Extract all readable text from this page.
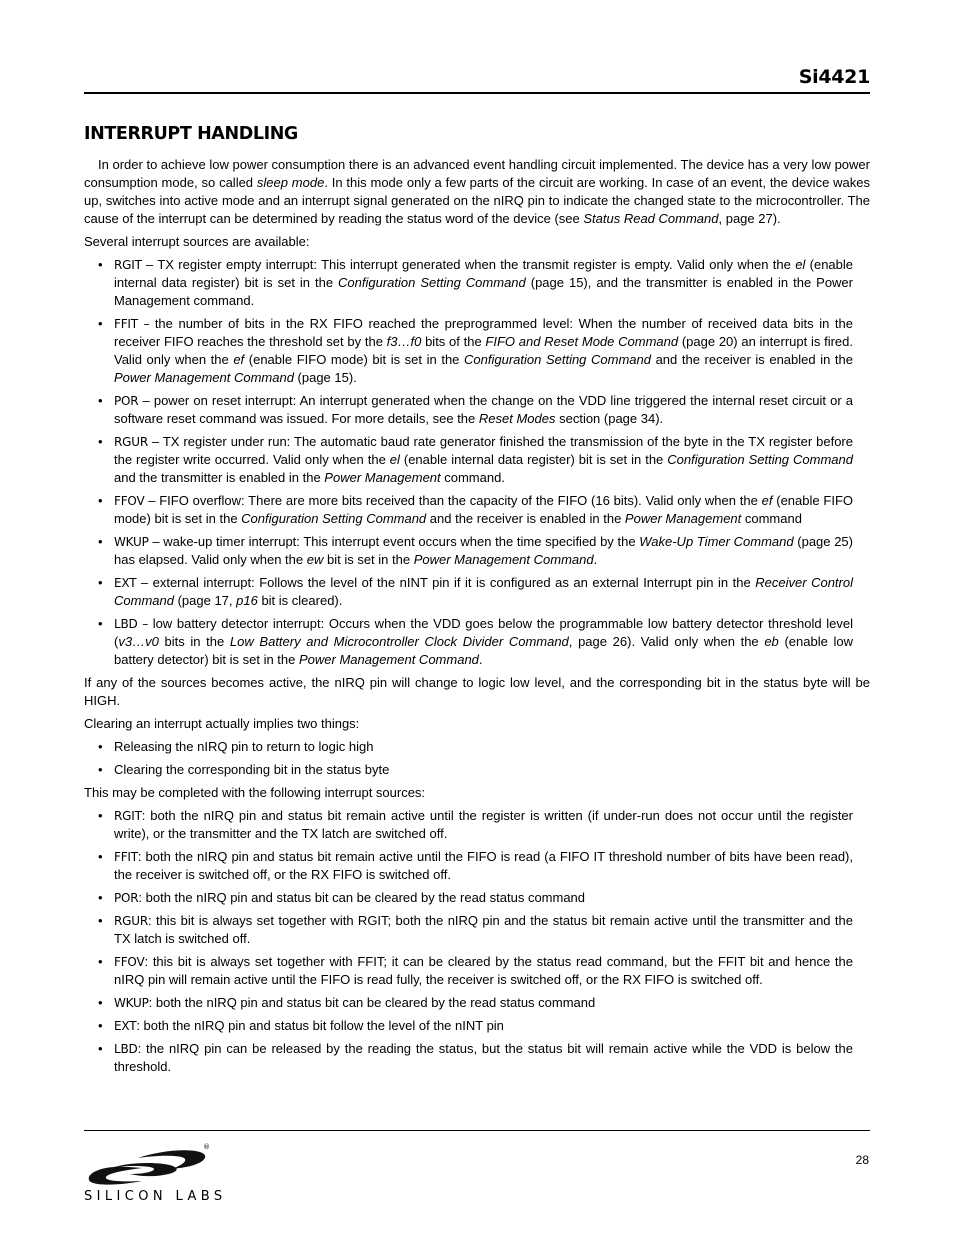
Si4421
INTERRUPT HANDLING

In order to achieve low power consumption there is an advanced event handling circuit implemented. The device has a very low power consumption mode, so called sleep mode. In this mode only a few parts of the circuit are working. In case of an event, the device wakes up, switches into active mode and an interrupt signal generated on the nIRQ pin to indicate the changed state to the microcontroller. The cause of the interrupt can be determined by reading the status word of the device (see Status Read Command, page 27).

Several interrupt sources are available:

• RGIT – TX register empty interrupt: This interrupt generated when the transmit register is empty. Valid only when the el (enable internal data register) bit is set in the Configuration Setting Command (page 15), and the transmitter is enabled in the Power Management command.
• FFIT – the number of bits in the RX FIFO reached the preprogrammed level: When the number of received data bits in the receiver FIFO reaches the threshold set by the f3…f0 bits of the FIFO and Reset Mode Command (page 20) an interrupt is fired. Valid only when the ef (enable FIFO mode) bit is set in the Configuration Setting Command and the receiver is enabled in the Power Management Command (page 15).
• POR – power on reset interrupt: An interrupt generated when the change on the VDD line triggered the internal reset circuit or a software reset command was issued. For more details, see the Reset Modes section (page 34).
• RGUR – TX register under run: The automatic baud rate generator finished the transmission of the byte in the TX register before the register write occurred. Valid only when the el (enable internal data register) bit is set in the Configuration Setting Command and the transmitter is enabled in the Power Management command.
• FFOV – FIFO overflow: There are more bits received than the capacity of the FIFO (16 bits). Valid only when the ef (enable FIFO mode) bit is set in the Configuration Setting Command and the receiver is enabled in the Power Management command
• WKUP – wake-up timer interrupt: This interrupt event occurs when the time specified by the Wake-Up Timer Command (page 25) has elapsed. Valid only when the ew bit is set in the Power Management Command.
• EXT – external interrupt: Follows the level of the nINT pin if it is configured as an external Interrupt pin in the Receiver Control Command (page 17, p16 bit is cleared).
• LBD – low battery detector interrupt: Occurs when the VDD goes below the programmable low battery detector threshold level (v3…v0 bits in the Low Battery and Microcontroller Clock Divider Command, page 26). Valid only when the eb (enable low battery detector) bit is set in the Power Management Command.

If any of the sources becomes active, the nIRQ pin will change to logic low level, and the corresponding bit in the status byte will be HIGH.

Clearing an interrupt actually implies two things:

• Releasing the nIRQ pin to return to logic high
• Clearing the corresponding bit in the status byte

This may be completed with the following interrupt sources:

• RGIT: both the nIRQ pin and status bit remain active until the register is written (if under-run does not occur until the register write), or the transmitter and the TX latch are switched off.
• FFIT: both the nIRQ pin and status bit remain active until the FIFO is read (a FIFO IT threshold number of bits have been read), the receiver is switched off, or the RX FIFO is switched off.
• POR: both the nIRQ pin and status bit can be cleared by the read status command
• RGUR: this bit is always set together with RGIT; both the nIRQ pin and the status bit remain active until the transmitter and the TX latch is switched off.
• FFOV: this bit is always set together with FFIT; it can be cleared by the status read command, but the FFIT bit and hence the nIRQ pin will remain active until the FIFO is read fully, the receiver is switched off, or the RX FIFO is switched off.
• WKUP: both the nIRQ pin and status bit can be cleared by the read status command
• EXT: both the nIRQ pin and status bit follow the level of the nINT pin
• LBD: the nIRQ pin can be released by the reading the status, but the status bit will remain active while the VDD is below the threshold.
®
SILICON LABS
28
